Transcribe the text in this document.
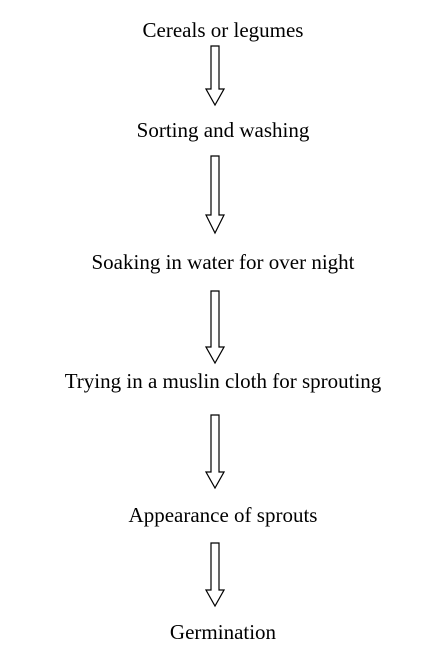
Cereals or legumes
Sorting and washing
Soaking in water for over night
Trying in a muslin cloth for sprouting
Appearance of sprouts
Germination
